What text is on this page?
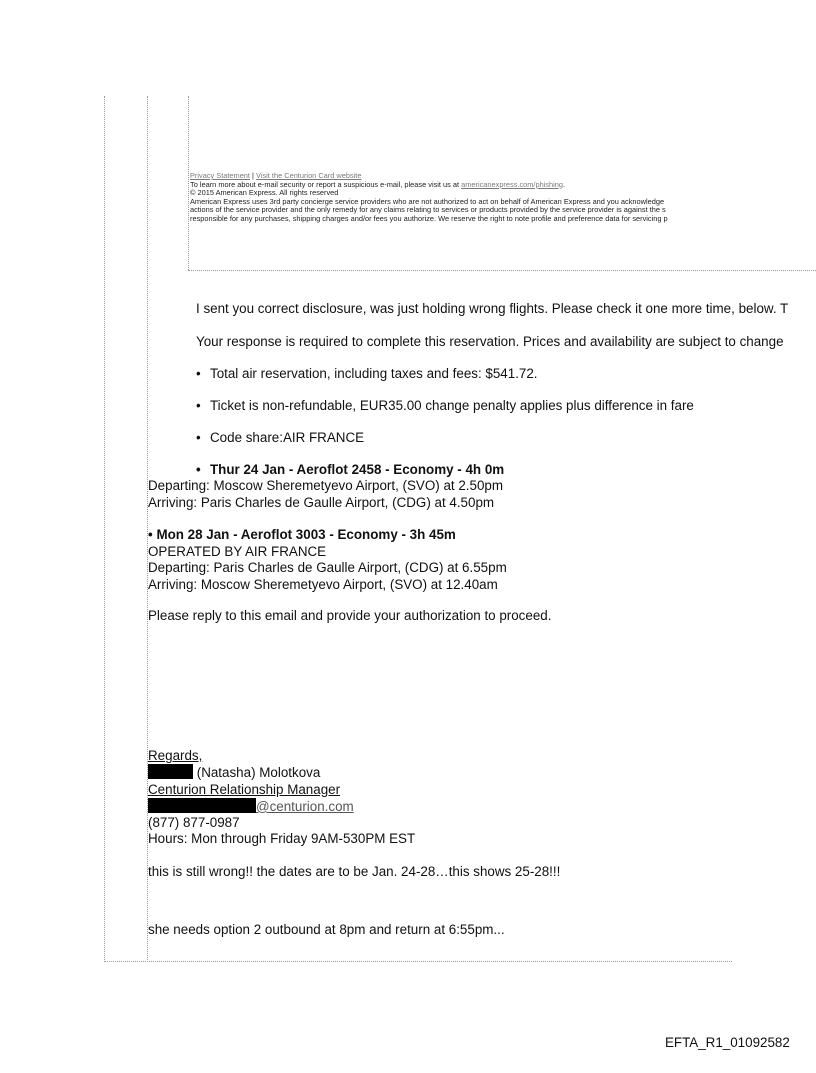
Privacy Statement | Visit the Centurion Card website
To learn more about e-mail security or report a suspicious e-mail, please visit us at americanexpress.com/phishing.
© 2015 American Express. All rights reserved
American Express uses 3rd party concierge service providers who are not authorized to act on behalf of American Express and you acknowledge
actions of the service provider and the only remedy for any claims relating to services or products provided by the service provider is against the s
responsible for any purchases, shipping charges and/or fees you authorize. We reserve the right to note profile and preference data for servicing p
I sent you correct disclosure, was just holding wrong flights. Please check it one more time, below. T
Your response is required to complete this reservation. Prices and availability are subject to change
• Total air reservation, including taxes and fees: $541.72.
• Ticket is non-refundable, EUR35.00 change penalty applies plus difference in fare
• Code share:AIR FRANCE
• Thur 24 Jan - Aeroflot 2458 - Economy - 4h 0m
Departing: Moscow Sheremetyevo Airport, (SVO) at 2.50pm
Arriving: Paris Charles de Gaulle Airport, (CDG) at 4.50pm
• Mon 28 Jan - Aeroflot 3003 - Economy - 3h 45m
OPERATED BY AIR FRANCE
Departing: Paris Charles de Gaulle Airport, (CDG) at 6.55pm
Arriving: Moscow Sheremetyevo Airport, (SVO) at 12.40am
Please reply to this email and provide your authorization to proceed.
Regards,
(Natasha) Molotkova
Centurion Relationship Manager
@centurion.com
(877) 877-0987
Hours: Mon through Friday 9AM-530PM EST
this is still wrong!! the dates are to be Jan. 24-28…this shows 25-28!!!
she needs option 2 outbound at 8pm and return at 6:55pm...
EFTA_R1_01092582
